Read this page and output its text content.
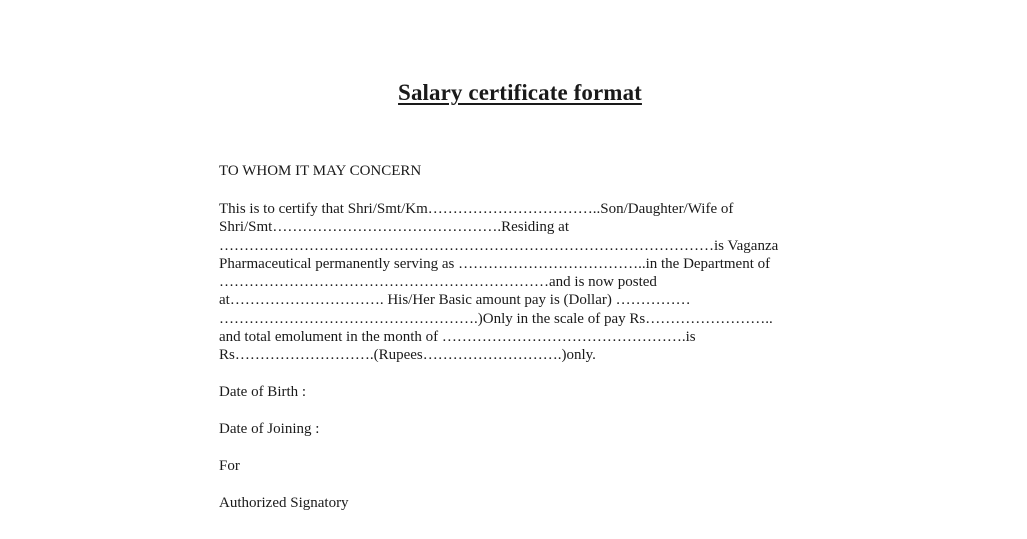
Salary certificate format
TO WHOM IT MAY CONCERN
This is to certify that Shri/Smt/Km……………………………..Son/Daughter/Wife of
Shri/Smt……………………………………….Residing at
………………………………………………………………………………………is Vaganza
Pharmaceutical permanently serving as ………………………………..in the Department of
…………………………………………………………and is now posted
at…………………………. His/Her Basic amount pay is (Dollar) ……………
…………………………………………….)Only in the scale of pay Rs……………………..
and total emolument in the month of ………………………………………….is
Rs……………………….(Rupees……………………….)only.
Date of Birth :
Date of Joining :
For
Authorized Signatory
